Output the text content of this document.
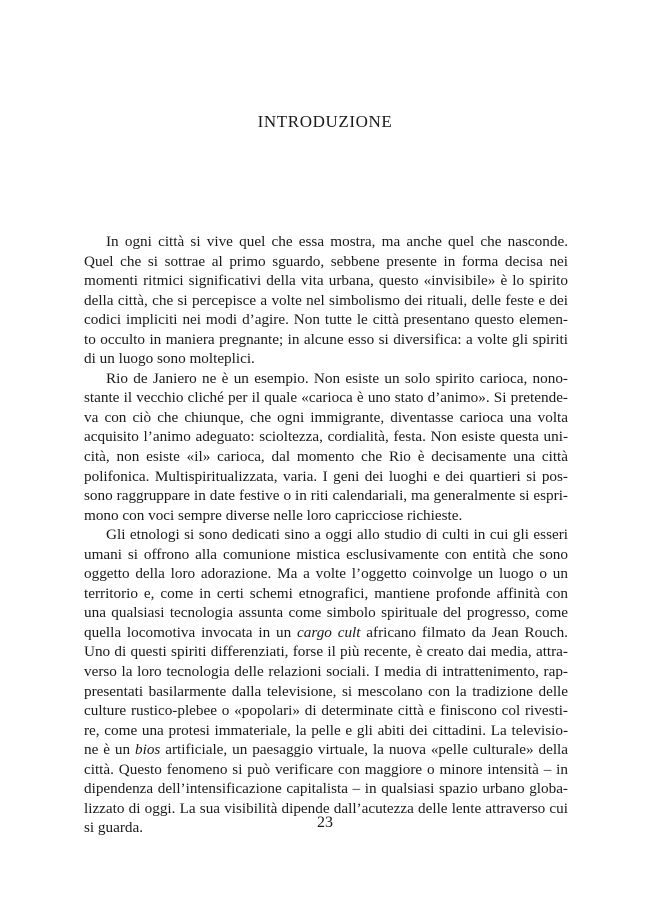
INTRODUZIONE
In ogni città si vive quel che essa mostra, ma anche quel che nasconde.
Quel che si sottrae al primo sguardo, sebbene presente in forma decisa nei
momenti ritmici significativi della vita urbana, questo «invisibile» è lo spirito
della città, che si percepisce a volte nel simbolismo dei rituali, delle feste e dei
codici impliciti nei modi d’agire. Non tutte le città presentano questo elemen-
to occulto in maniera pregnante; in alcune esso si diversifica: a volte gli spiriti
di un luogo sono molteplici.
Rio de Janiero ne è un esempio. Non esiste un solo spirito carioca, nono-
stante il vecchio cliché per il quale «carioca è uno stato d’animo». Si pretende-
va con ciò che chiunque, che ogni immigrante, diventasse carioca una volta
acquisito l’animo adeguato: scioltezza, cordialità, festa. Non esiste questa uni-
cità, non esiste «il» carioca, dal momento che Rio è decisamente una città
polifonica. Multispiritualizzata, varia. I geni dei luoghi e dei quartieri si pos-
sono raggruppare in date festive o in riti calendariali, ma generalmente si espri-
mono con voci sempre diverse nelle loro capricciose richieste.
Gli etnologi si sono dedicati sino a oggi allo studio di culti in cui gli esseri
umani si offrono alla comunione mistica esclusivamente con entità che sono
oggetto della loro adorazione. Ma a volte l’oggetto coinvolge un luogo o un
territorio e, come in certi schemi etnografici, mantiene profonde affinità con
una qualsiasi tecnologia assunta come simbolo spirituale del progresso, come
quella locomotiva invocata in un cargo cult africano filmato da Jean Rouch.
Uno di questi spiriti differenziati, forse il più recente, è creato dai media, attra-
verso la loro tecnologia delle relazioni sociali. I media di intrattenimento, rap-
presentati basilarmente dalla televisione, si mescolano con la tradizione delle
culture rustico-plebee o «popolari» di determinate città e finiscono col rivesti-
re, come una protesi immateriale, la pelle e gli abiti dei cittadini. La televisio-
ne è un bios artificiale, un paesaggio virtuale, la nuova «pelle culturale» della
città. Questo fenomeno si può verificare con maggiore o minore intensità – in
dipendenza dell’intensificazione capitalista – in qualsiasi spazio urbano globa-
lizzato di oggi. La sua visibilità dipende dall’acutezza delle lente attraverso cui
si guarda.	23
